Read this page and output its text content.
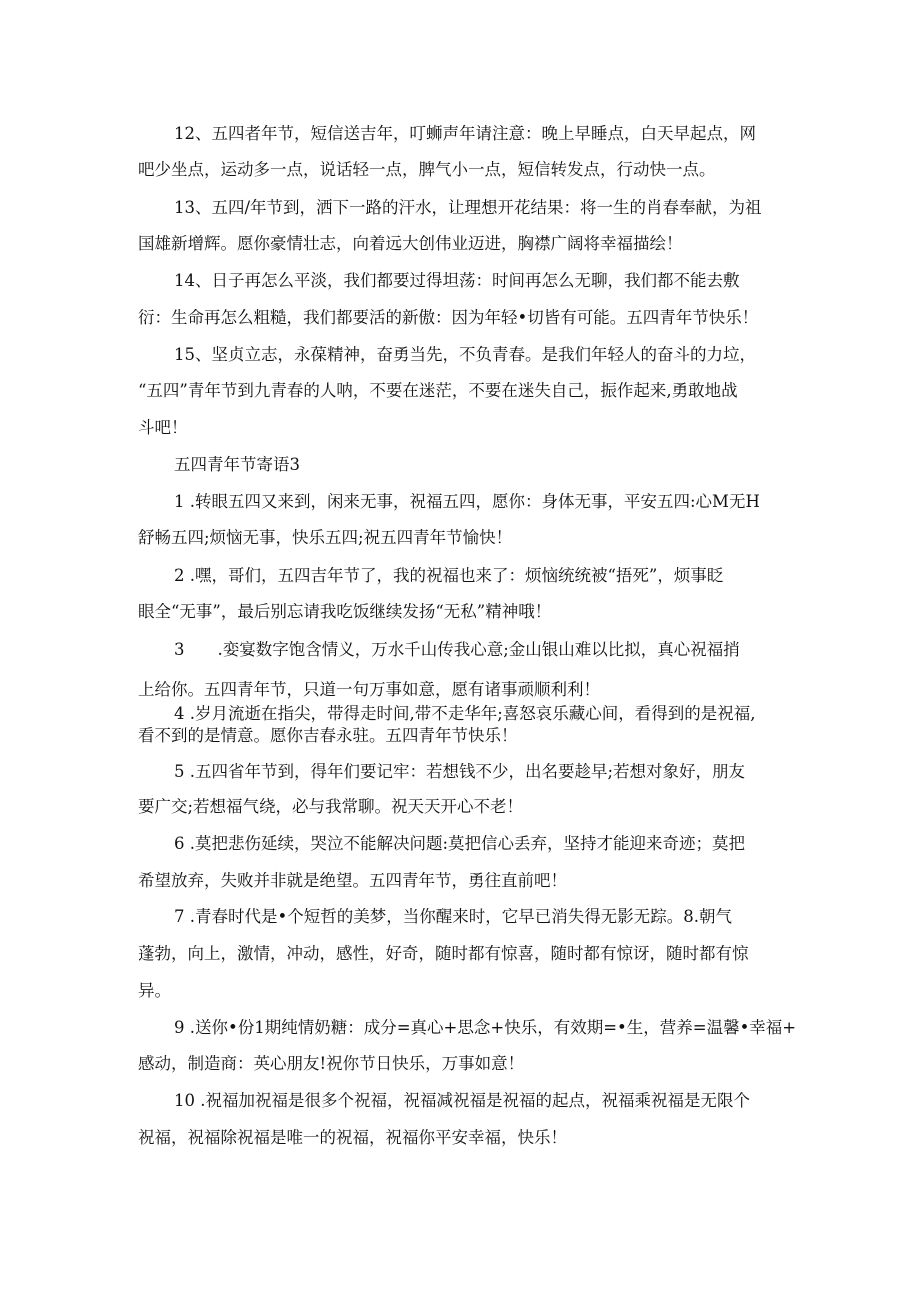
12、五四者年节，短信送吉年，叮蛳声年请注意：晚上早睡点，白天早起点，网
吧少坐点，运动多一点，说话轻一点，脾气小一点，短信转发点，行动快一点。
13、五四/年节到，洒下一路的汗水，让理想开花结果：将一生的肖春奉献，为祖
国雄新增辉。愿你豪情壮志，向着远大创伟业迈进，胸襟广阔将幸福描绘！
14、日子再怎么平淡，我们都要过得坦荡：时间再怎么无聊，我们都不能去敷
衍：生命再怎么粗糙，我们都要活的新傲：因为年轻•切皆有可能。五四青年节快乐！
15、坚贞立志，永葆精神，奋勇当先，不负青春。是我们年轻人的奋斗的力垃，
“五四”青年节到九青春的人呐，不要在迷茫，不要在迷失自己，振作起来,勇敢地战
斗吧！
五四青年节寄语3
1 .转眼五四又来到，闲来无事，祝福五四，愿你：身体无事，平安五四:心M无H
舒畅五四;烦恼无事，快乐五四;祝五四青年节愉快！
2 .嘿，哥们，五四吉年节了，我的祝福也来了：烦恼统统被“捂死”，烦事眨
眼全“无事”，最后别忘请我吃饭继续发扬“无私”精神哦！
3　　.娈宴数字饱含情义，万水千山传我心意;金山银山难以比拟，真心祝福捎
上给你。五四青年节，只道一句万事如意，愿有诸事顽顺利利！
4 .岁月流逝在指尖，带得走时间,带不走华年;喜怒哀乐藏心间，看得到的是祝福,
看不到的是情意。愿你吉春永驻。五四青年节快乐！
5 .五四省年节到，得年们要记牢：若想钱不少，出名要趁早;若想对象好，朋友
要广交;若想福气绕，必与我常聊。祝天天开心不老！
6 .莫把悲伤延续，哭泣不能解决问题:莫把信心丢弃，坚持才能迎来奇迹；莫把
希望放弃，失败并非就是绝望。五四青年节，勇往直前吧！
7 .青春时代是•个短哲的美梦，当你醒来时，它早已消失得无影无踪。8.朝气
蓬勃，向上，激情，冲动，感性，好奇，随时都有惊喜，随时都有惊讶，随时都有惊
异。
9 .送你•份1期纯情奶糖：成分=真心+思念+快乐，有效期=•生，营养=温馨•幸福+
感动，制造商：英心朋友!祝你节日快乐，万事如意！
10 .祝福加祝福是很多个祝福，祝福减祝福是祝福的起点，祝福乘祝福是无限个
祝福，祝福除祝福是唯一的祝福，祝福你平安幸福，快乐！
